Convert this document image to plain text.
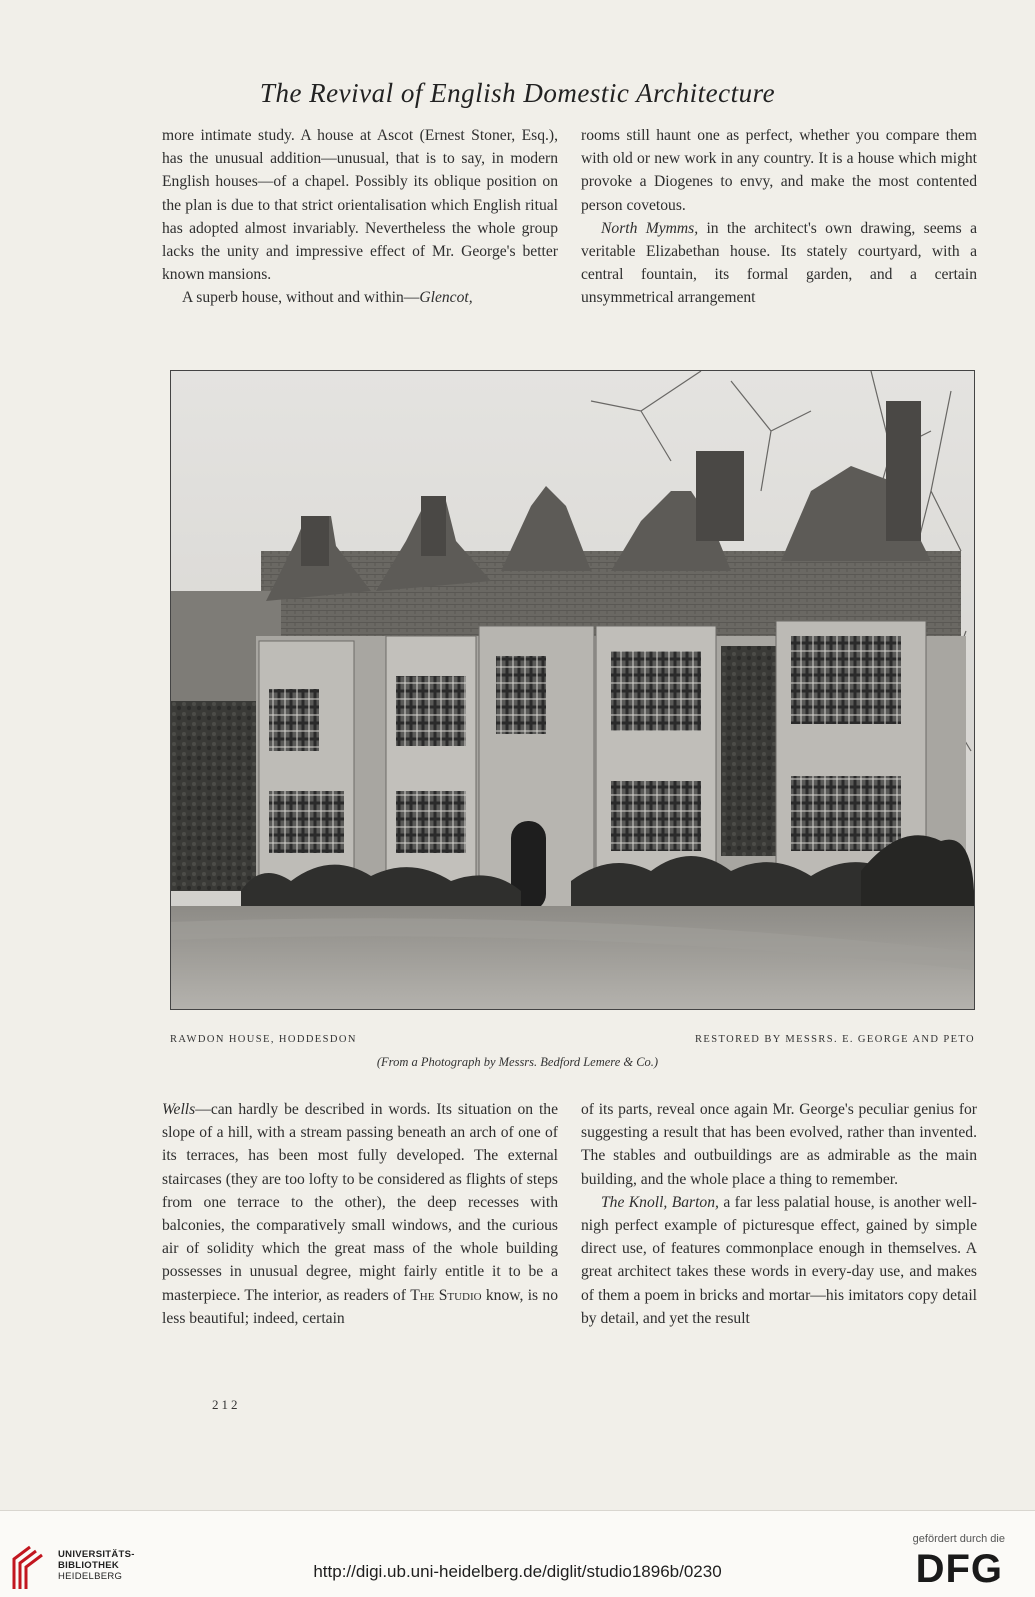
The Revival of English Domestic Architecture

more intimate study. A house at Ascot (Ernest Stoner, Esq.), has the unusual addition—unusual, that is to say, in modern English houses—of a chapel. Possibly its oblique position on the plan is due to that strict orientalisation which English ritual has adopted almost invariably. Nevertheless the whole group lacks the unity and impressive effect of Mr. George's better known mansions.

A superb house, without and within—Glencot,

rooms still haunt one as perfect, whether you compare them with old or new work in any country. It is a house which might provoke a Diogenes to envy, and make the most contented person covetous.

North Mymms, in the architect's own drawing, seems a veritable Elizabethan house. Its stately courtyard, with a central fountain, its formal garden, and a certain unsymmetrical arrangement

RAWDON HOUSE, HODDESDON	RESTORED BY MESSRS. E. GEORGE AND PETO
(From a Photograph by Messrs. Bedford Lemere & Co.)

Wells—can hardly be described in words. Its situation on the slope of a hill, with a stream passing beneath an arch of one of its terraces, has been most fully developed. The external staircases (they are too lofty to be considered as flights of steps from one terrace to the other), the deep recesses with balconies, the comparatively small windows, and the curious air of solidity which the great mass of the whole building possesses in unusual degree, might fairly entitle it to be a masterpiece. The interior, as readers of The Studio know, is no less beautiful; indeed, certain

of its parts, reveal once again Mr. George's peculiar genius for suggesting a result that has been evolved, rather than invented. The stables and outbuildings are as admirable as the main building, and the whole place a thing to remember.

The Knoll, Barton, a far less palatial house, is another well-nigh perfect example of picturesque effect, gained by simple direct use, of features commonplace enough in themselves. A great architect takes these words in every-day use, and makes of them a poem in bricks and mortar—his imitators copy detail by detail, and yet the result

212
UNIVERSITÄTS-
BIBLIOTHEK
HEIDELBERG	http://digi.ub.uni-heidelberg.de/diglit/studio1896b/0230
gefördert durch die
DFG
